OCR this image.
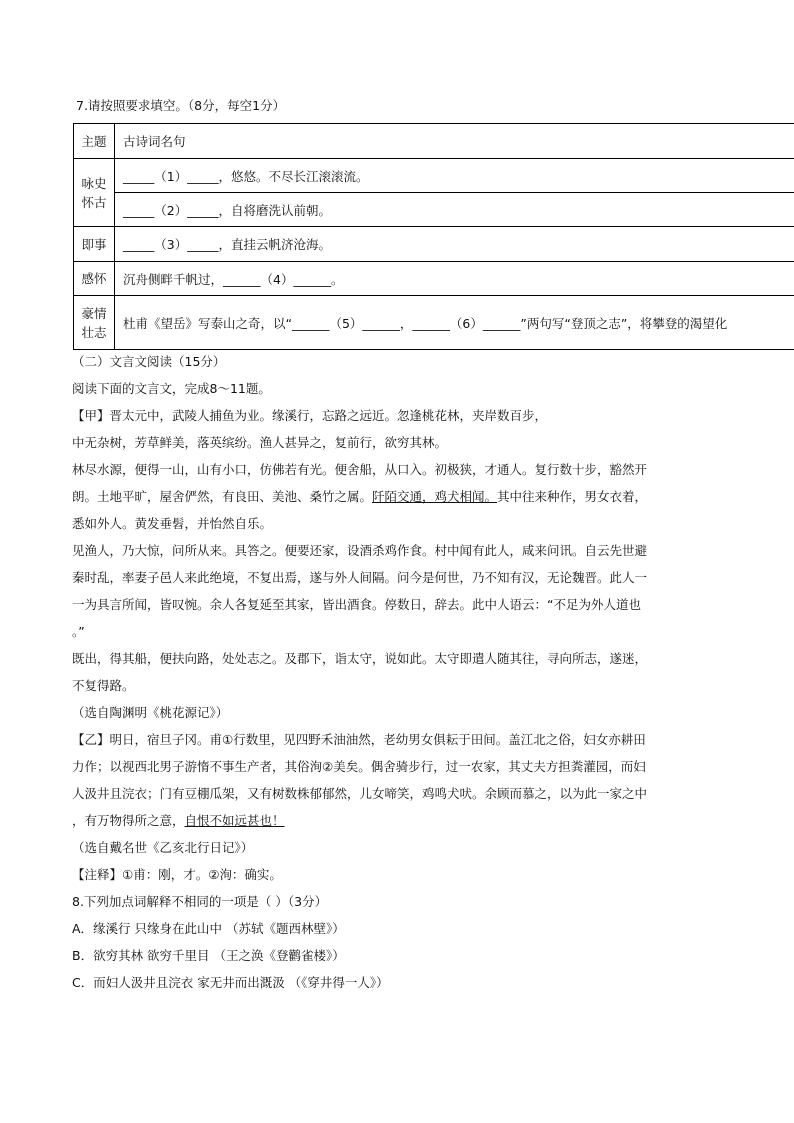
7.请按照要求填空。（8分，每空1分）
主题	古诗词名句

咏史
怀古	_____（1）_____，悠悠。不尽长江滚滚流。
	_____（2）_____，自将磨洗认前朝。
即事	_____（3）_____，直挂云帆济沧海。
感怀	沉舟侧畔千帆过，______（4）______。

豪情
壮志	杜甫《望岳》写泰山之奇，以“______（5）______，______（6）______”两句写“登顶之志”，将攀登的渴望化
（二）文言文阅读（15分）
阅读下面的文言文，完成8～11题。
【甲】晋太元中，武陵人捕鱼为业。缘溪行，忘路之远近。忽逢桃花林，夹岸数百步，
中无杂树，芳草鲜美，落英缤纷。渔人甚异之，复前行，欲穷其林。
林尽水源，便得一山，山有小口，仿佛若有光。便舍船，从口入。初极狭，才通人。复行数十步，豁然开
朗。土地平旷，屋舍俨然，有良田、美池、桑竹之属。阡陌交通，鸡犬相闻。其中往来种作，男女衣着，
悉如外人。黄发垂髫，并怡然自乐。
见渔人，乃大惊，问所从来。具答之。便要还家，设酒杀鸡作食。村中闻有此人，咸来问讯。自云先世避
秦时乱，率妻子邑人来此绝境，不复出焉，遂与外人间隔。问今是何世，乃不知有汉，无论魏晋。此人一
一为具言所闻，皆叹惋。余人各复延至其家，皆出酒食。停数日，辞去。此中人语云：“不足为外人道也
。”
既出，得其船，便扶向路，处处志之。及郡下，诣太守，说如此。太守即遣人随其往，寻向所志，遂迷，
不复得路。
（选自陶渊明《桃花源记》）
【乙】明日，宿旦子冈。甫①行数里，见四野禾油油然，老幼男女俱耘于田间。盖江北之俗，妇女亦耕田
力作；以视西北男子游惰不事生产者，其俗洵②美矣。偶舍骑步行，过一农家，其丈夫方担粪灌园，而妇
人汲井且浣衣；门有豆棚瓜架，又有树数株郁郁然，儿女啼笑，鸡鸣犬吠。余顾而慕之，以为此一家之中
，有万物得所之意，自恨不如远甚也！
（选自戴名世《乙亥北行日记》）
【注释】①甫：刚，才。②洵：确实。
8.下列加点词解释不相同的一项是（ ）（3分）
A．缘溪行 只缘身在此山中 （苏轼《题西林壁》）
B．欲穷其林 欲穷千里目 （王之涣《登鹳雀楼》）
C．而妇人汲井且浣衣 家无井而出溉汲 （《穿井得一人》）
